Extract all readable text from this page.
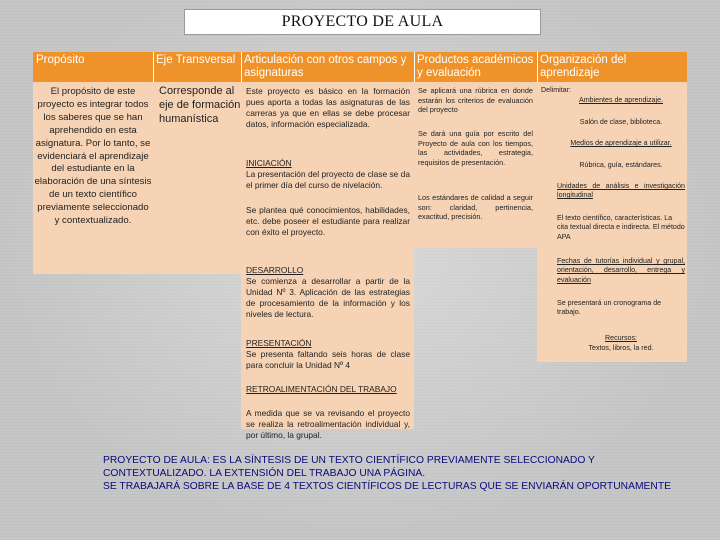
PROYECTO DE AULA
Propósito	Eje Transversal Articulación con otros campos y asignaturas
Productos académicos y evaluación
Organización del aprendizaje
El propósito de este proyecto es integrar todos los saberes que se han aprehendido en esta asignatura. Por lo tanto, se evidenciará el aprendizaje del estudiante en la elaboración de una síntesis de un texto científico previamente seleccionado y contextualizado.
Corresponde al eje de formación humanística
Este proyecto es básico en la formación pues aporta a todas las asignaturas de las carreras ya que en ellas se debe procesar datos, información especializada.
INICIACIÓN
La presentación del proyecto de clase se da el primer día del curso de nivelación.
Se plantea qué conocimientos, habilidades, etc. debe poseer el estudiante para realizar con éxito el proyecto.
DESARROLLO
Se comienza a desarrollar a partir de la Unidad Nº 3. Aplicación de las estrategias de procesamiento de la información y los niveles de lectura.
PRESENTACIÓN
Se presenta faltando seis horas de clase para concluir la Unidad Nº 4
RETROALIMENTACIÓN DEL TRABAJO
A medida que se va revisando el proyecto se realiza la retroalimentación individual y, por último, la grupal.
Se aplicará una rúbrica en donde estarán los criterios de evaluación del proyecto
Se dará una guía por escrito del Proyecto de aula con los tiempos, las actividades, estrategia, requisitos de presentación.
Los estándares de calidad a seguir son: claridad, pertinencia, exactitud, precisión.
Delimitar:
Ambientes de aprendizaje.
Salón de clase, biblioteca.
Medios de aprendizaje a utilizar.
Rúbrica, guía, estándares.
Unidades de análisis e investigación longitudinal
El texto científico, características. La cita textual directa e indirecta. El método APA
Fechas de tutorías individual y grupal, orientación, desarrollo, entrega y evaluación
Se presentará un cronograma de trabajo.
Recursos:
Textos, libros, la red.
PROYECTO DE AULA: ES LA SÍNTESIS DE UN TEXTO CIENTÍFICO PREVIAMENTE SELECCIONADO Y
CONTEXTUALIZADO. LA EXTENSIÓN DEL TRABAJO UNA PÁGINA.
SE TRABAJARÁ SOBRE LA BASE DE 4 TEXTOS CIENTÍFICOS DE LECTURAS QUE SE ENVIARÁN OPORTUNAMENTE
